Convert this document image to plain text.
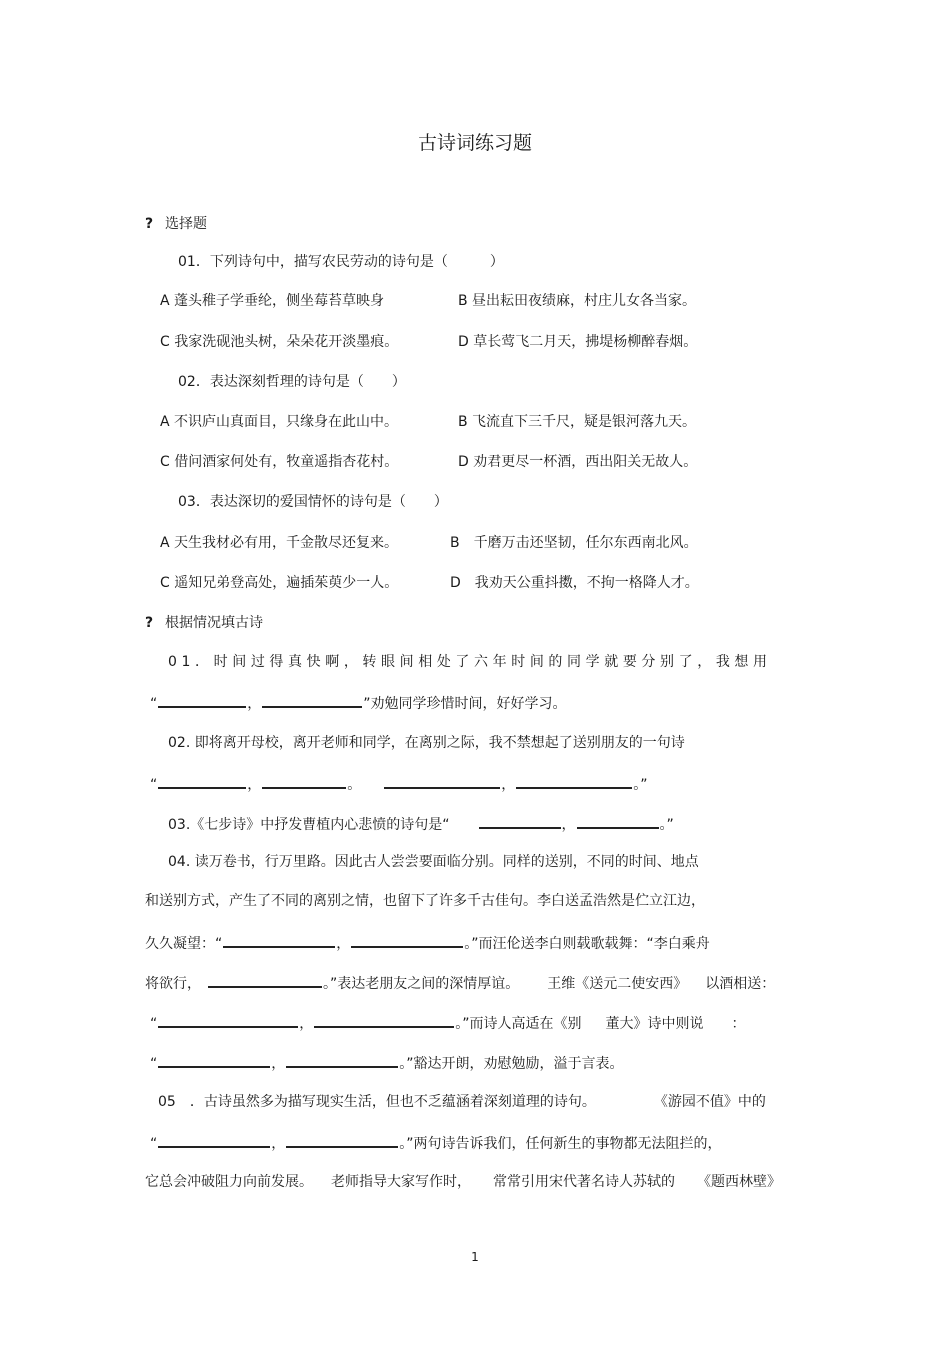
古诗词练习题
? 选择题
01．下列诗句中，描写农民劳动的诗句是（　　　）
A 蓬头稚子学垂纶，侧坐莓苔草映身	B 昼出耘田夜绩麻，村庄儿女各当家。
C 我家洗砚池头树，朵朵花开淡墨痕。	D 草长莺飞二月天，拂堤杨柳醉春烟。
02．表达深刻哲理的诗句是（　　）
A 不识庐山真面目，只缘身在此山中。	B 飞流直下三千尺，疑是银河落九天。
C 借问酒家何处有，牧童遥指杏花村。	D 劝君更尽一杯酒，西出阳关无故人。
03．表达深切的爱国情怀的诗句是（　　）
A 天生我材必有用，千金散尽还复来。	B　千磨万击还坚韧，任尔东西南北风。
C 遥知兄弟登高处，遍插茱萸少一人。	D　我劝天公重抖擞，不拘一格降人才。
? 根据情况填古诗
01．时间过得真快啊，转眼间相处了六年时间的同学就要分别了，我想用
“	，	”劝勉同学珍惜时间，好好学习。
02. 即将离开母校，离开老师和同学，在离别之际，我不禁想起了送别朋友的一句诗
“	，	。	，	。”
03.《七步诗》中抒发曹植内心悲愤的诗句是“	，	。”
04. 读万卷书，行万里路。因此古人尝尝要面临分别。同样的送别，不同的时间、地点
和送别方式，产生了不同的离别之情，也留下了许多千古佳句。李白送孟浩然是伫立江边，
久久凝望：“	，	。”而汪伦送李白则载歌载舞：“李白乘舟
将欲行，	。”表达老朋友之间的深情厚谊。 王维《送元二使安西》 以酒相送：
“	，	。”而诗人高适在《别 董大》诗中则说 ：
“	，	。”豁达开朗，劝慰勉励，溢于言表。
05　．古诗虽然多为描写现实生活，但也不乏蕴涵着深刻道理的诗句。	《游园不值》中的
“	，	。”两句诗告诉我们，任何新生的事物都无法阻拦的，
它总会冲破阻力向前发展。 老师指导大家写作时， 常常引用宋代著名诗人苏轼的 《题西林壁》
1
